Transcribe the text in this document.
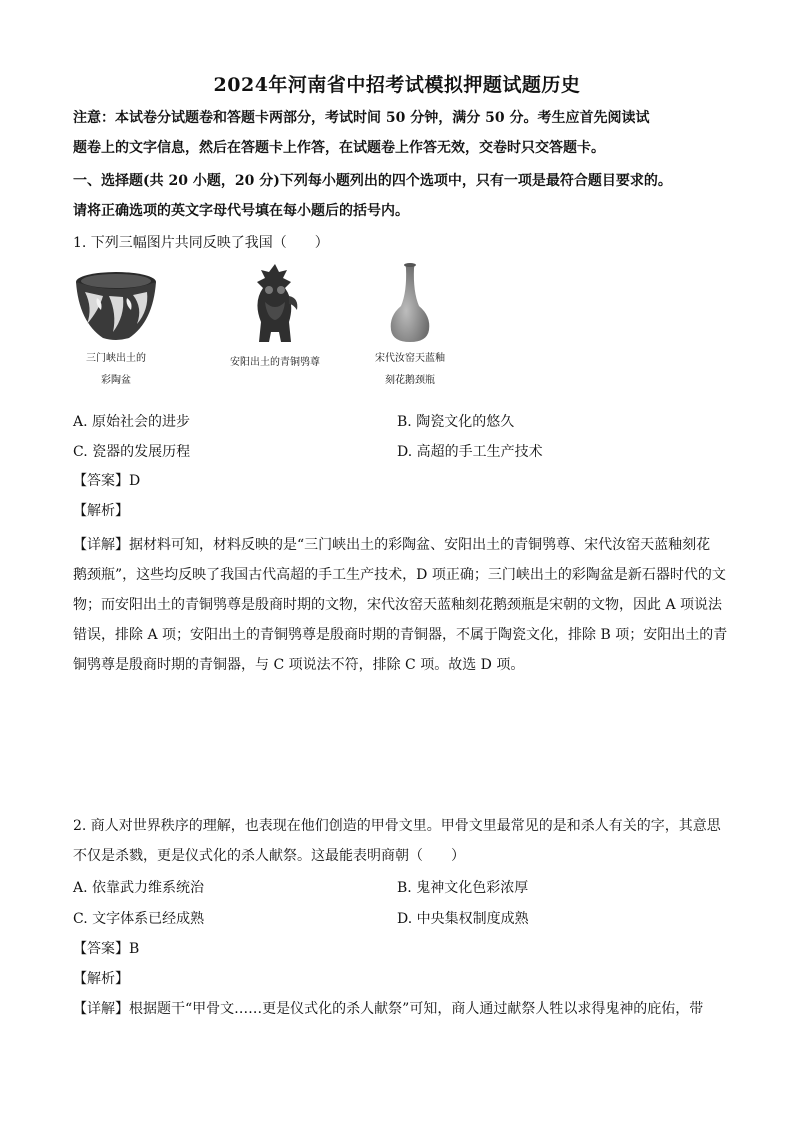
2024年河南省中招考试模拟押题试题历史
注意：本试卷分试题卷和答题卡两部分，考试时间 50 分钟，满分 50 分。考生应首先阅读试
题卷上的文字信息，然后在答题卡上作答，在试题卷上作答无效，交卷时只交答题卡。
一、选择题(共 20 小题，20 分)下列每小题列出的四个选项中，只有一项是最符合题目要求的。
请将正确选项的英文字母代号填在每小题后的括号内。
1. 下列三幅图片共同反映了我国（　　）
三门峡出土的
彩陶盆
安阳出土的青铜鸮尊	宋代汝窑天蓝釉
刻花鹅颈瓶
A. 原始社会的进步	B. 陶瓷文化的悠久
C. 瓷器的发展历程	D. 高超的手工生产技术
【答案】D
【解析】
【详解】据材料可知，材料反映的是“三门峡出土的彩陶盆、安阳出土的青铜鸮尊、宋代汝窑天蓝釉刻花
鹅颈瓶”，这些均反映了我国古代高超的手工生产技术，D 项正确；三门峡出土的彩陶盆是新石器时代的文
物；而安阳出土的青铜鸮尊是殷商时期的文物，宋代汝窑天蓝釉刻花鹅颈瓶是宋朝的文物，因此 A 项说法
错误，排除 A 项；安阳出土的青铜鸮尊是殷商时期的青铜器，不属于陶瓷文化，排除 B 项；安阳出土的青
铜鸮尊是殷商时期的青铜器，与 C 项说法不符，排除 C 项。故选 D 项。
2. 商人对世界秩序的理解，也表现在他们创造的甲骨文里。甲骨文里最常见的是和杀人有关的字，其意思
不仅是杀戮，更是仪式化的杀人献祭。这最能表明商朝（　　）
A. 依靠武力维系统治	B. 鬼神文化色彩浓厚
C. 文字体系已经成熟	D. 中央集权制度成熟
【答案】B
【解析】
【详解】根据题干“甲骨文……更是仪式化的杀人献祭”可知，商人通过献祭人牲以求得鬼神的庇佑，带
